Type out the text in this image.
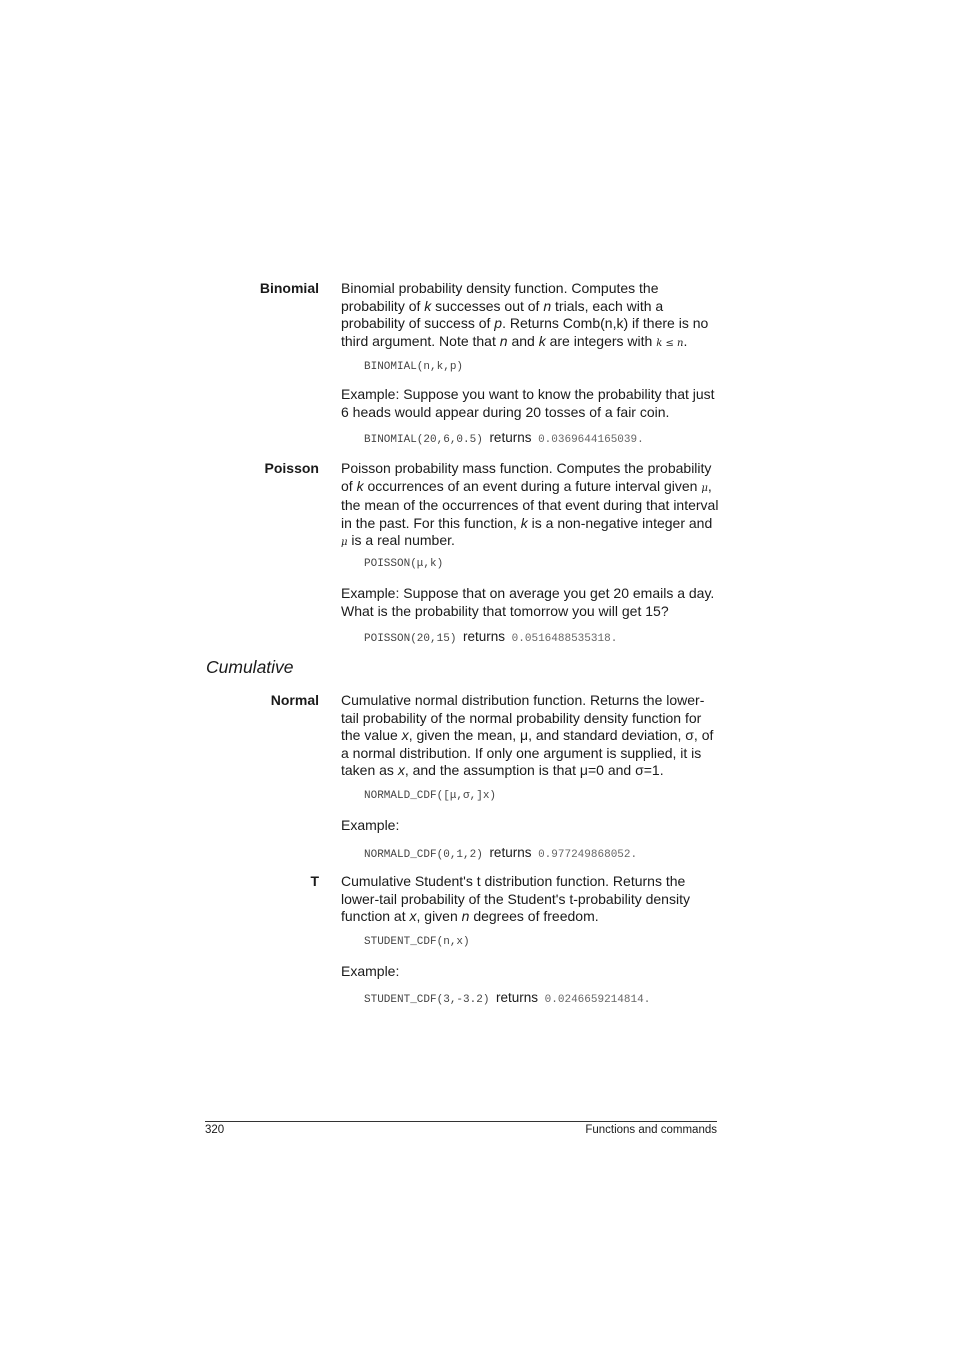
Binomial Binomial probability density function. Computes the probability of k successes out of n trials, each with a probability of success of p. Returns Comb(n,k) if there is no third argument. Note that n and k are integers with k ≤ n.
BINOMIAL(n,k,p)
Example: Suppose you want to know the probability that just 6 heads would appear during 20 tosses of a fair coin.
BINOMIAL(20,6,0.5) returns 0.0369644165039.
Poisson Poisson probability mass function. Computes the probability of k occurrences of an event during a future interval given μ, the mean of the occurrences of that event during that interval in the past. For this function, k is a non-negative integer and μ is a real number.
POISSON(μ,k)
Example: Suppose that on average you get 20 emails a day. What is the probability that tomorrow you will get 15?
POISSON(20,15) returns 0.0516488535318.
Cumulative
Normal Cumulative normal distribution function. Returns the lower-tail probability of the normal probability density function for the value x, given the mean, μ, and standard deviation, σ, of a normal distribution. If only one argument is supplied, it is taken as x, and the assumption is that μ=0 and σ=1.
NORMALD_CDF([μ,σ,]x)
Example:
NORMALD_CDF(0,1,2) returns 0.977249868052.
T Cumulative Student's t distribution function. Returns the lower-tail probability of the Student's t-probability density function at x, given n degrees of freedom.
STUDENT_CDF(n,x)
Example:
STUDENT_CDF(3,-3.2) returns 0.0246659214814.
320	Functions and commands
